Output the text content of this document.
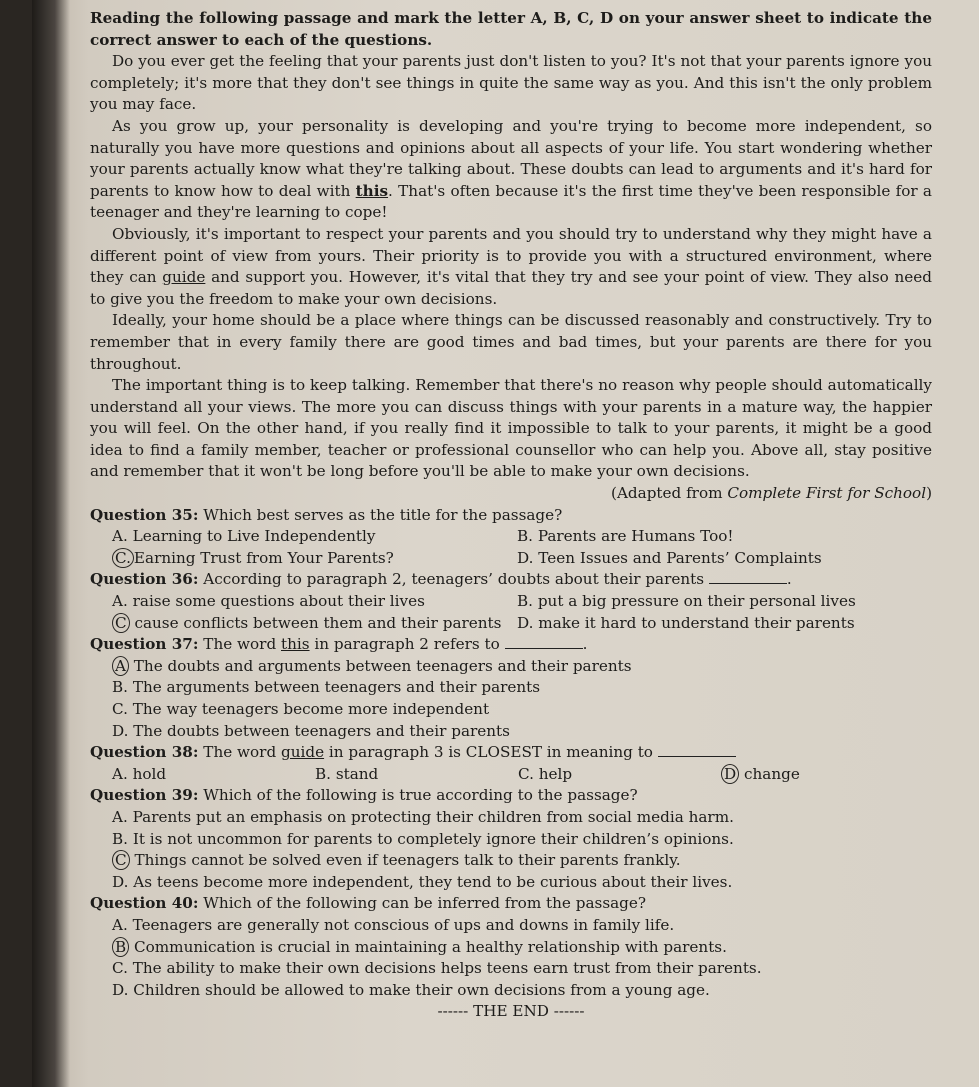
Reading the following passage and mark the letter A, B, C, D on your answer sheet to indicate the correct answer to each of the questions.

Do you ever get the feeling that your parents just don't listen to you? It's not that your parents ignore you completely; it's more that they don't see things in quite the same way as you. And this isn't the only problem you may face.

As you grow up, your personality is developing and you're trying to become more independent, so naturally you have more questions and opinions about all aspects of your life. You start wondering whether your parents actually know what they're talking about. These doubts can lead to arguments and it's hard for parents to know how to deal with this. That's often because it's the first time they've been responsible for a teenager and they're learning to cope!

Obviously, it's important to respect your parents and you should try to understand why they might have a different point of view from yours. Their priority is to provide you with a structured environment, where they can guide and support you. However, it's vital that they try and see your point of view. They also need to give you the freedom to make your own decisions.

Ideally, your home should be a place where things can be discussed reasonably and constructively. Try to remember that in every family there are good times and bad times, but your parents are there for you throughout.

The important thing is to keep talking. Remember that there's no reason why people should automatically understand all your views. The more you can discuss things with your parents in a mature way, the happier you will feel. On the other hand, if you really find it impossible to talk to your parents, it might be a good idea to find a family member, teacher or professional counsellor who can help you. Above all, stay positive and remember that it won't be long before you'll be able to make your own decisions.

(Adapted from Complete First for School)

Question 35: Which best serves as the title for the passage?

A. Learning to Live Independently	B. Parents are Humans Too!
C. Earning Trust from Your Parents?	D. Teen Issues and Parents’ Complaints

Question 36: According to paragraph 2, teenagers’ doubts about their parents	.

A. raise some questions about their lives	B. put a big pressure on their personal lives
C cause conflicts between them and their parents	D. make it hard to understand their parents

Question 37: The word this in paragraph 2 refers to	.

A The doubts and arguments between teenagers and their parents
B. The arguments between teenagers and their parents
C. The way teenagers become more independent
D. The doubts between teenagers and their parents

Question 38: The word guide in paragraph 3 is CLOSEST in meaning to

A. hold	B. stand	C. help	D change

Question 39: Which of the following is true according to the passage?

A. Parents put an emphasis on protecting their children from social media harm.
B. It is not uncommon for parents to completely ignore their children’s opinions.
C Things cannot be solved even if teenagers talk to their parents frankly.
D. As teens become more independent, they tend to be curious about their lives.

Question 40: Which of the following can be inferred from the passage?

A. Teenagers are generally not conscious of ups and downs in family life.
B Communication is crucial in maintaining a healthy relationship with parents.
C. The ability to make their own decisions helps teens earn trust from their parents.
D. Children should be allowed to make their own decisions from a young age.

------ THE END ------
